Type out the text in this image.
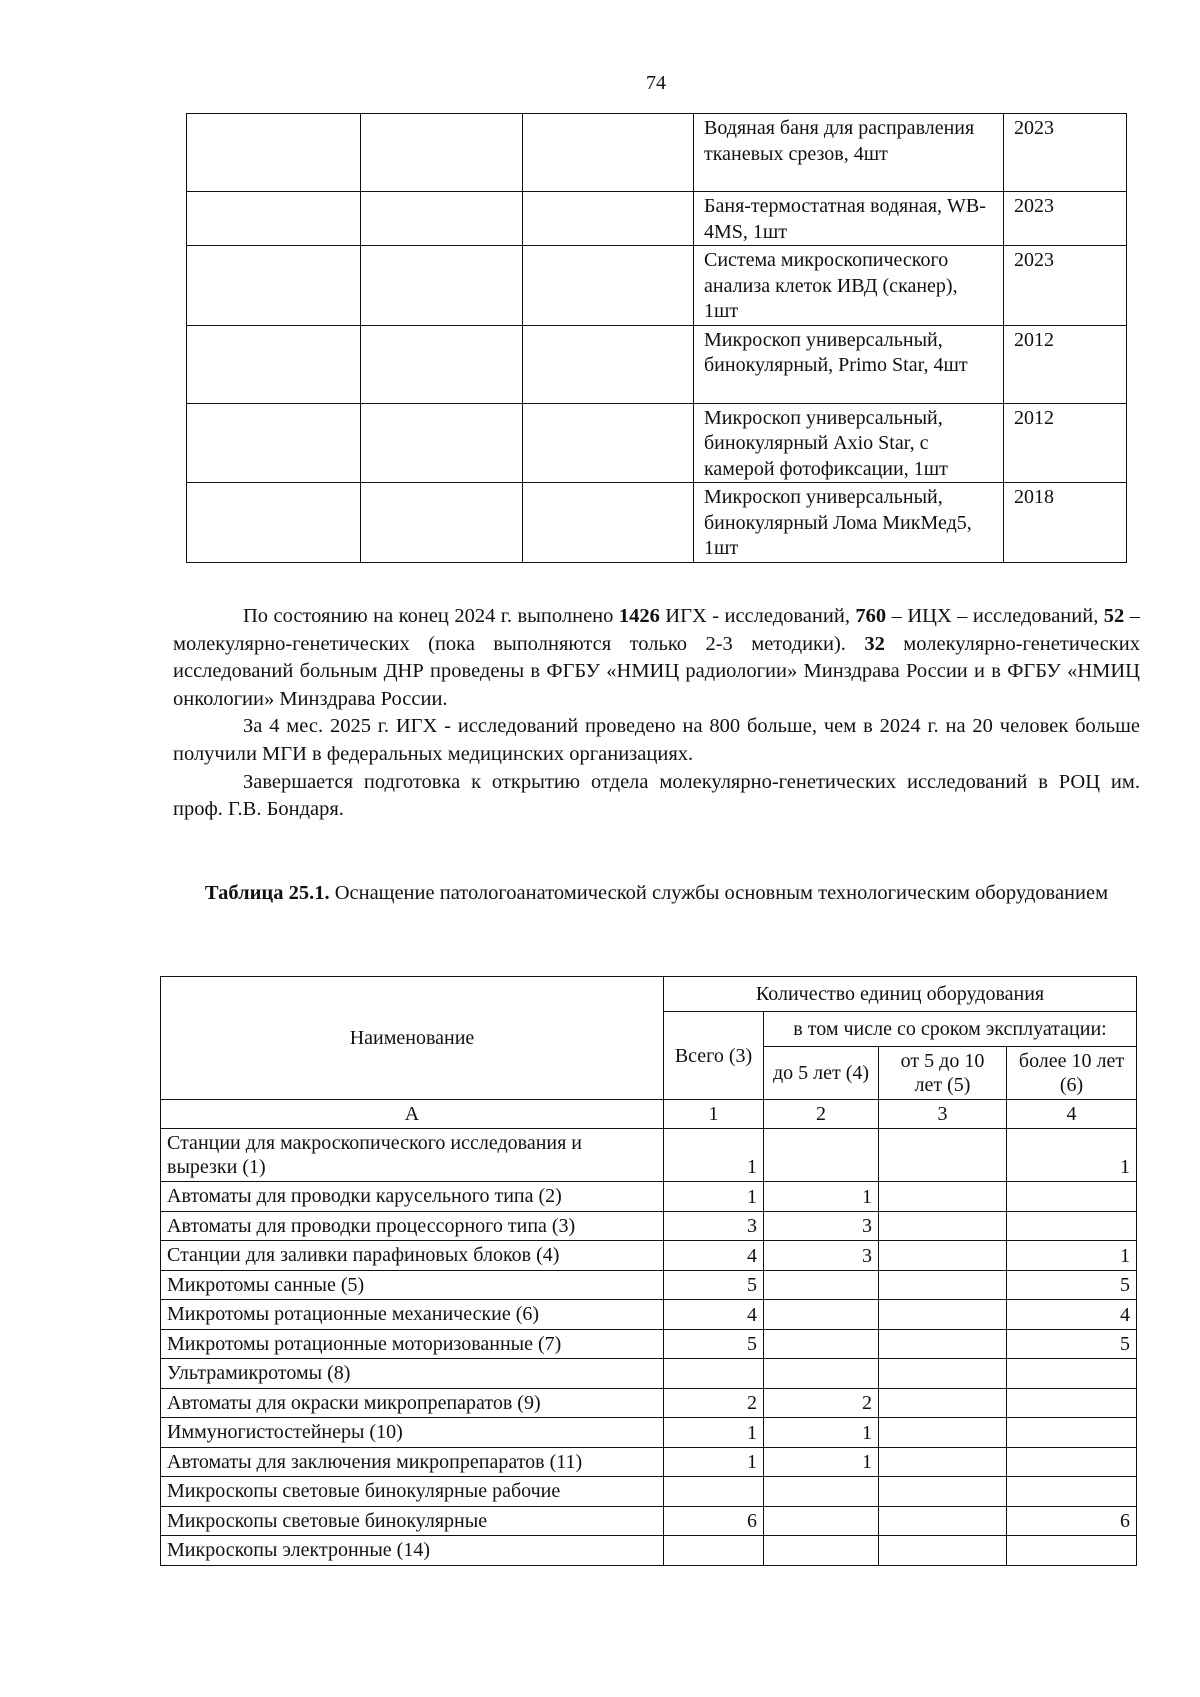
74
			Водяная баня для расправления тканевых срезов, 4шт	2023
			Баня-термостатная водяная, WB-4MS, 1шт	2023
			Система микроскопического анализа клеток ИВД (сканер), 1шт	2023
			Микроскоп универсальный, бинокулярный, Primo Star, 4шт	2012
			Микроскоп универсальный, бинокулярный Axio Star, с камерой фотофиксации, 1шт	2012
			Микроскоп универсальный, бинокулярный Лома МикМед5, 1шт	2018

По состоянию на конец 2024 г. выполнено 1426 ИГХ - исследований, 760 – ИЦХ – исследований, 52 – молекулярно-генетических (пока выполняются только 2-3 методики). 32 молекулярно-генетических исследований больным ДНР проведены в ФГБУ «НМИЦ радиологии» Минздрава России и в ФГБУ «НМИЦ онкологии» Минздрава России.

За 4 мес. 2025 г. ИГХ - исследований проведено на 800 больше, чем в 2024 г. на 20 человек больше получили МГИ в федеральных медицинских организациях.

Завершается подготовка к открытию отдела молекулярно-генетических исследований в РОЦ им. проф. Г.В. Бондаря.

Таблица 25.1. Оснащение патологоанатомической службы основным технологическим оборудованием
Наименование	Количество единиц оборудования			
	Всего (3)	в том числе со сроком эксплуатации:		
		до 5 лет (4)	от 5 до 10 лет (5)	более 10 лет (6)
А	1	2	3	4
Станции для макроскопического исследования и вырезки (1)	1			1
Автоматы для проводки карусельного типа (2)	1	1		
Автоматы для проводки процессорного типа (3)	3	3		
Станции для заливки парафиновых блоков (4)	4	3		1
Микротомы санные (5)	5			5
Микротомы ротационные механические (6)	4			4
Микротомы ротационные моторизованные (7)	5			5
Ультрамикротомы (8)				
Автоматы для окраски микропрепаратов (9)	2	2		
Иммуногистостейнеры (10)	1	1		
Автоматы для заключения микропрепаратов (11)	1	1		
Микроскопы световые бинокулярные рабочие				
Микроскопы световые бинокулярные	6			6
Микроскопы электронные (14)				
